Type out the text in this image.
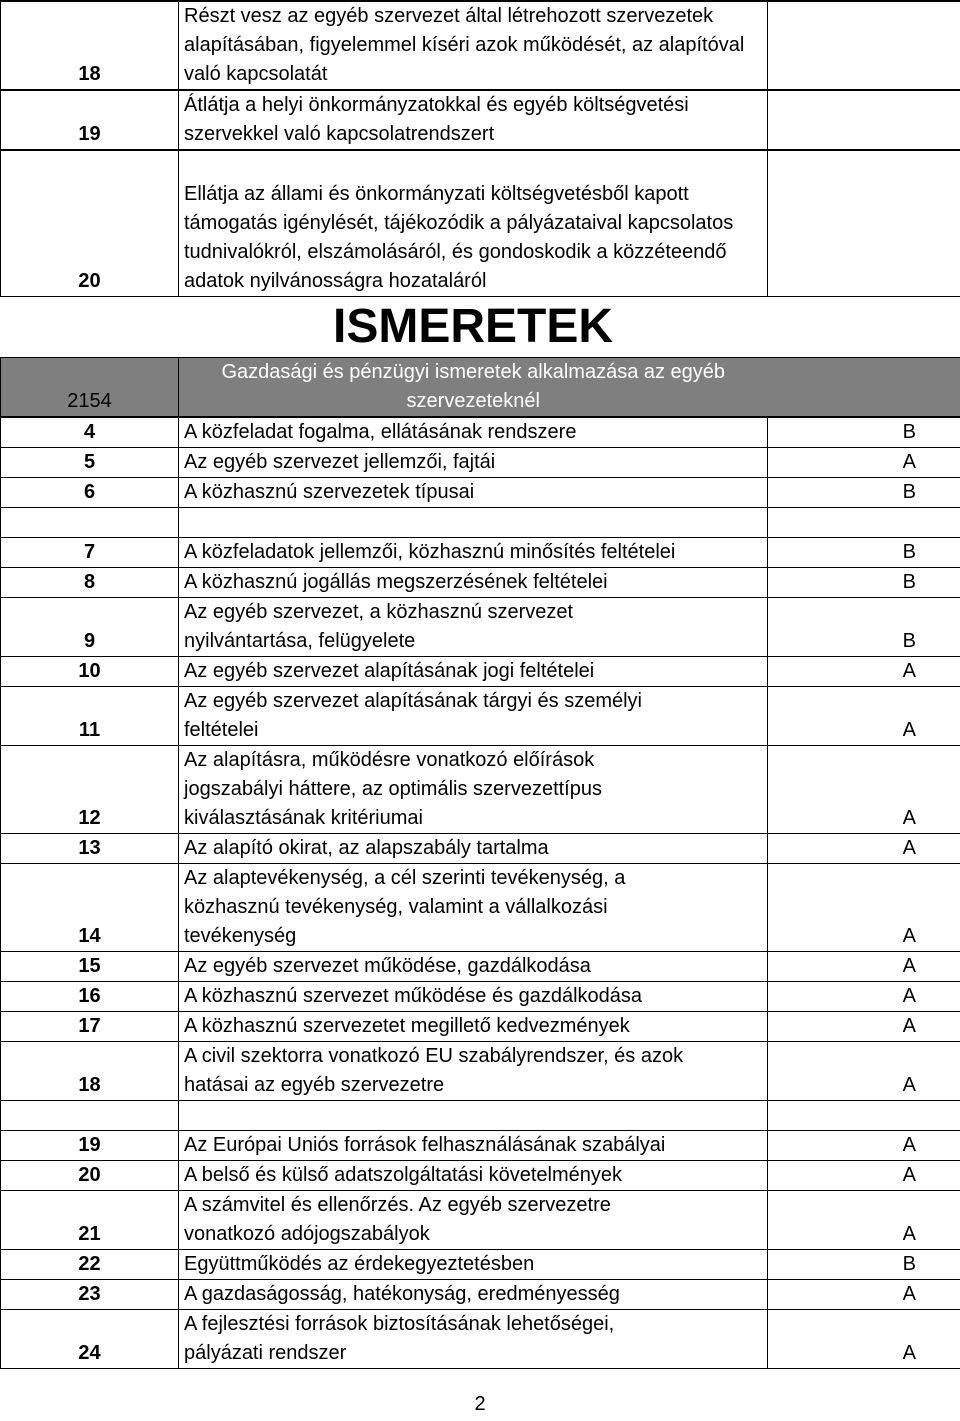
18	Részt vesz az egyéb szervezet által létrehozott szervezetek alapításában, figyelemmel kíséri azok működését, az alapítóval való kapcsolatát	
19	Átlátja a helyi önkormányzatokkal és egyéb költségvetési szervekkel való kapcsolatrendszert	
20	Ellátja az állami és önkormányzati költségvetésből kapott támogatás igénylését, tájékozódik a pályázataival kapcsolatos tudnivalókról, elszámolásáról, és gondoskodik a közzéteendő adatok nyilvánosságra hozataláról	
	ISMERETEK	
2154	Gazdasági és pénzügyi ismeretek alkalmazása az egyéb szervezeteknél	
4	A közfeladat fogalma, ellátásának rendszere	B
5	Az egyéb szervezet jellemzői, fajtái	A
6	A közhasznú szervezetek típusai	B

7	A közfeladatok jellemzői, közhasznú minősítés feltételei	B
8	A közhasznú jogállás megszerzésének feltételei	B
9	Az egyéb szervezet, a közhasznú szervezet
nyilvántartása, felügyelete	B
10	Az egyéb szervezet alapításának jogi feltételei	A
11	Az egyéb szervezet alapításának tárgyi és személyi
feltételei	A
12	Az alapításra, működésre vonatkozó előírások
jogszabályi háttere, az optimális szervezettípus
kiválasztásának kritériumai	A
13	Az alapító okirat, az alapszabály tartalma	A
14	Az alaptevékenység, a cél szerinti tevékenység, a
közhasznú tevékenység, valamint a vállalkozási
tevékenység	A
15	Az egyéb szervezet működése, gazdálkodása	A
16	A közhasznú szervezet működése és gazdálkodása	A
17	A közhasznú szervezetet megillető kedvezmények	A
18	A civil szektorra vonatkozó EU szabályrendszer, és azok
hatásai az egyéb szervezetre	A

19	Az Európai Uniós források felhasználásának szabályai	A
20	A belső és külső adatszolgáltatási követelmények	A
21	A számvitel és ellenőrzés. Az egyéb szervezetre
vonatkozó adójogszabályok	A
22	Együttműködés az érdekegyeztetésben	B
23	A gazdaságosság, hatékonyság, eredményesség	A
24	A fejlesztési források biztosításának lehetőségei,
pályázati rendszer	A
2
